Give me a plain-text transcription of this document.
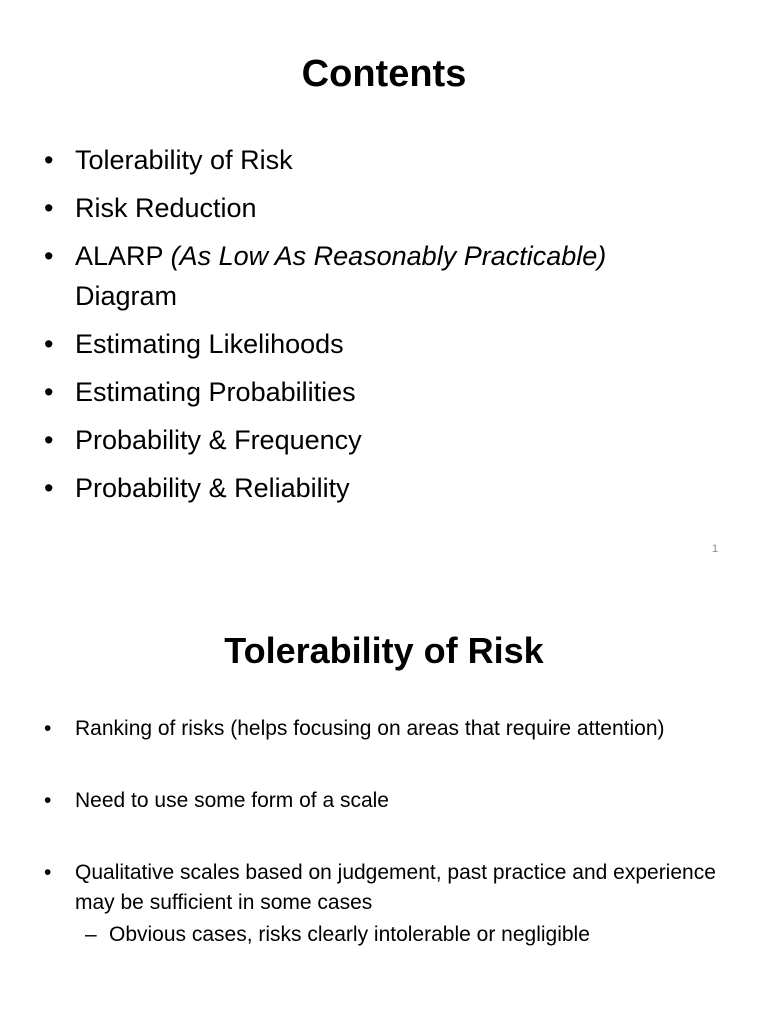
Contents
• Tolerability of Risk
• Risk Reduction
• ALARP (As Low As Reasonably Practicable)
Diagram
• Estimating Likelihoods
• Estimating Probabilities
• Probability & Frequency
• Probability & Reliability
1
Tolerability of Risk
• Ranking of risks (helps focusing on areas that require attention)
• Need to use some form of a scale
• Qualitative scales based on judgement, past practice and experience may be sufficient in some cases
– Obvious cases, risks clearly intolerable or negligible
